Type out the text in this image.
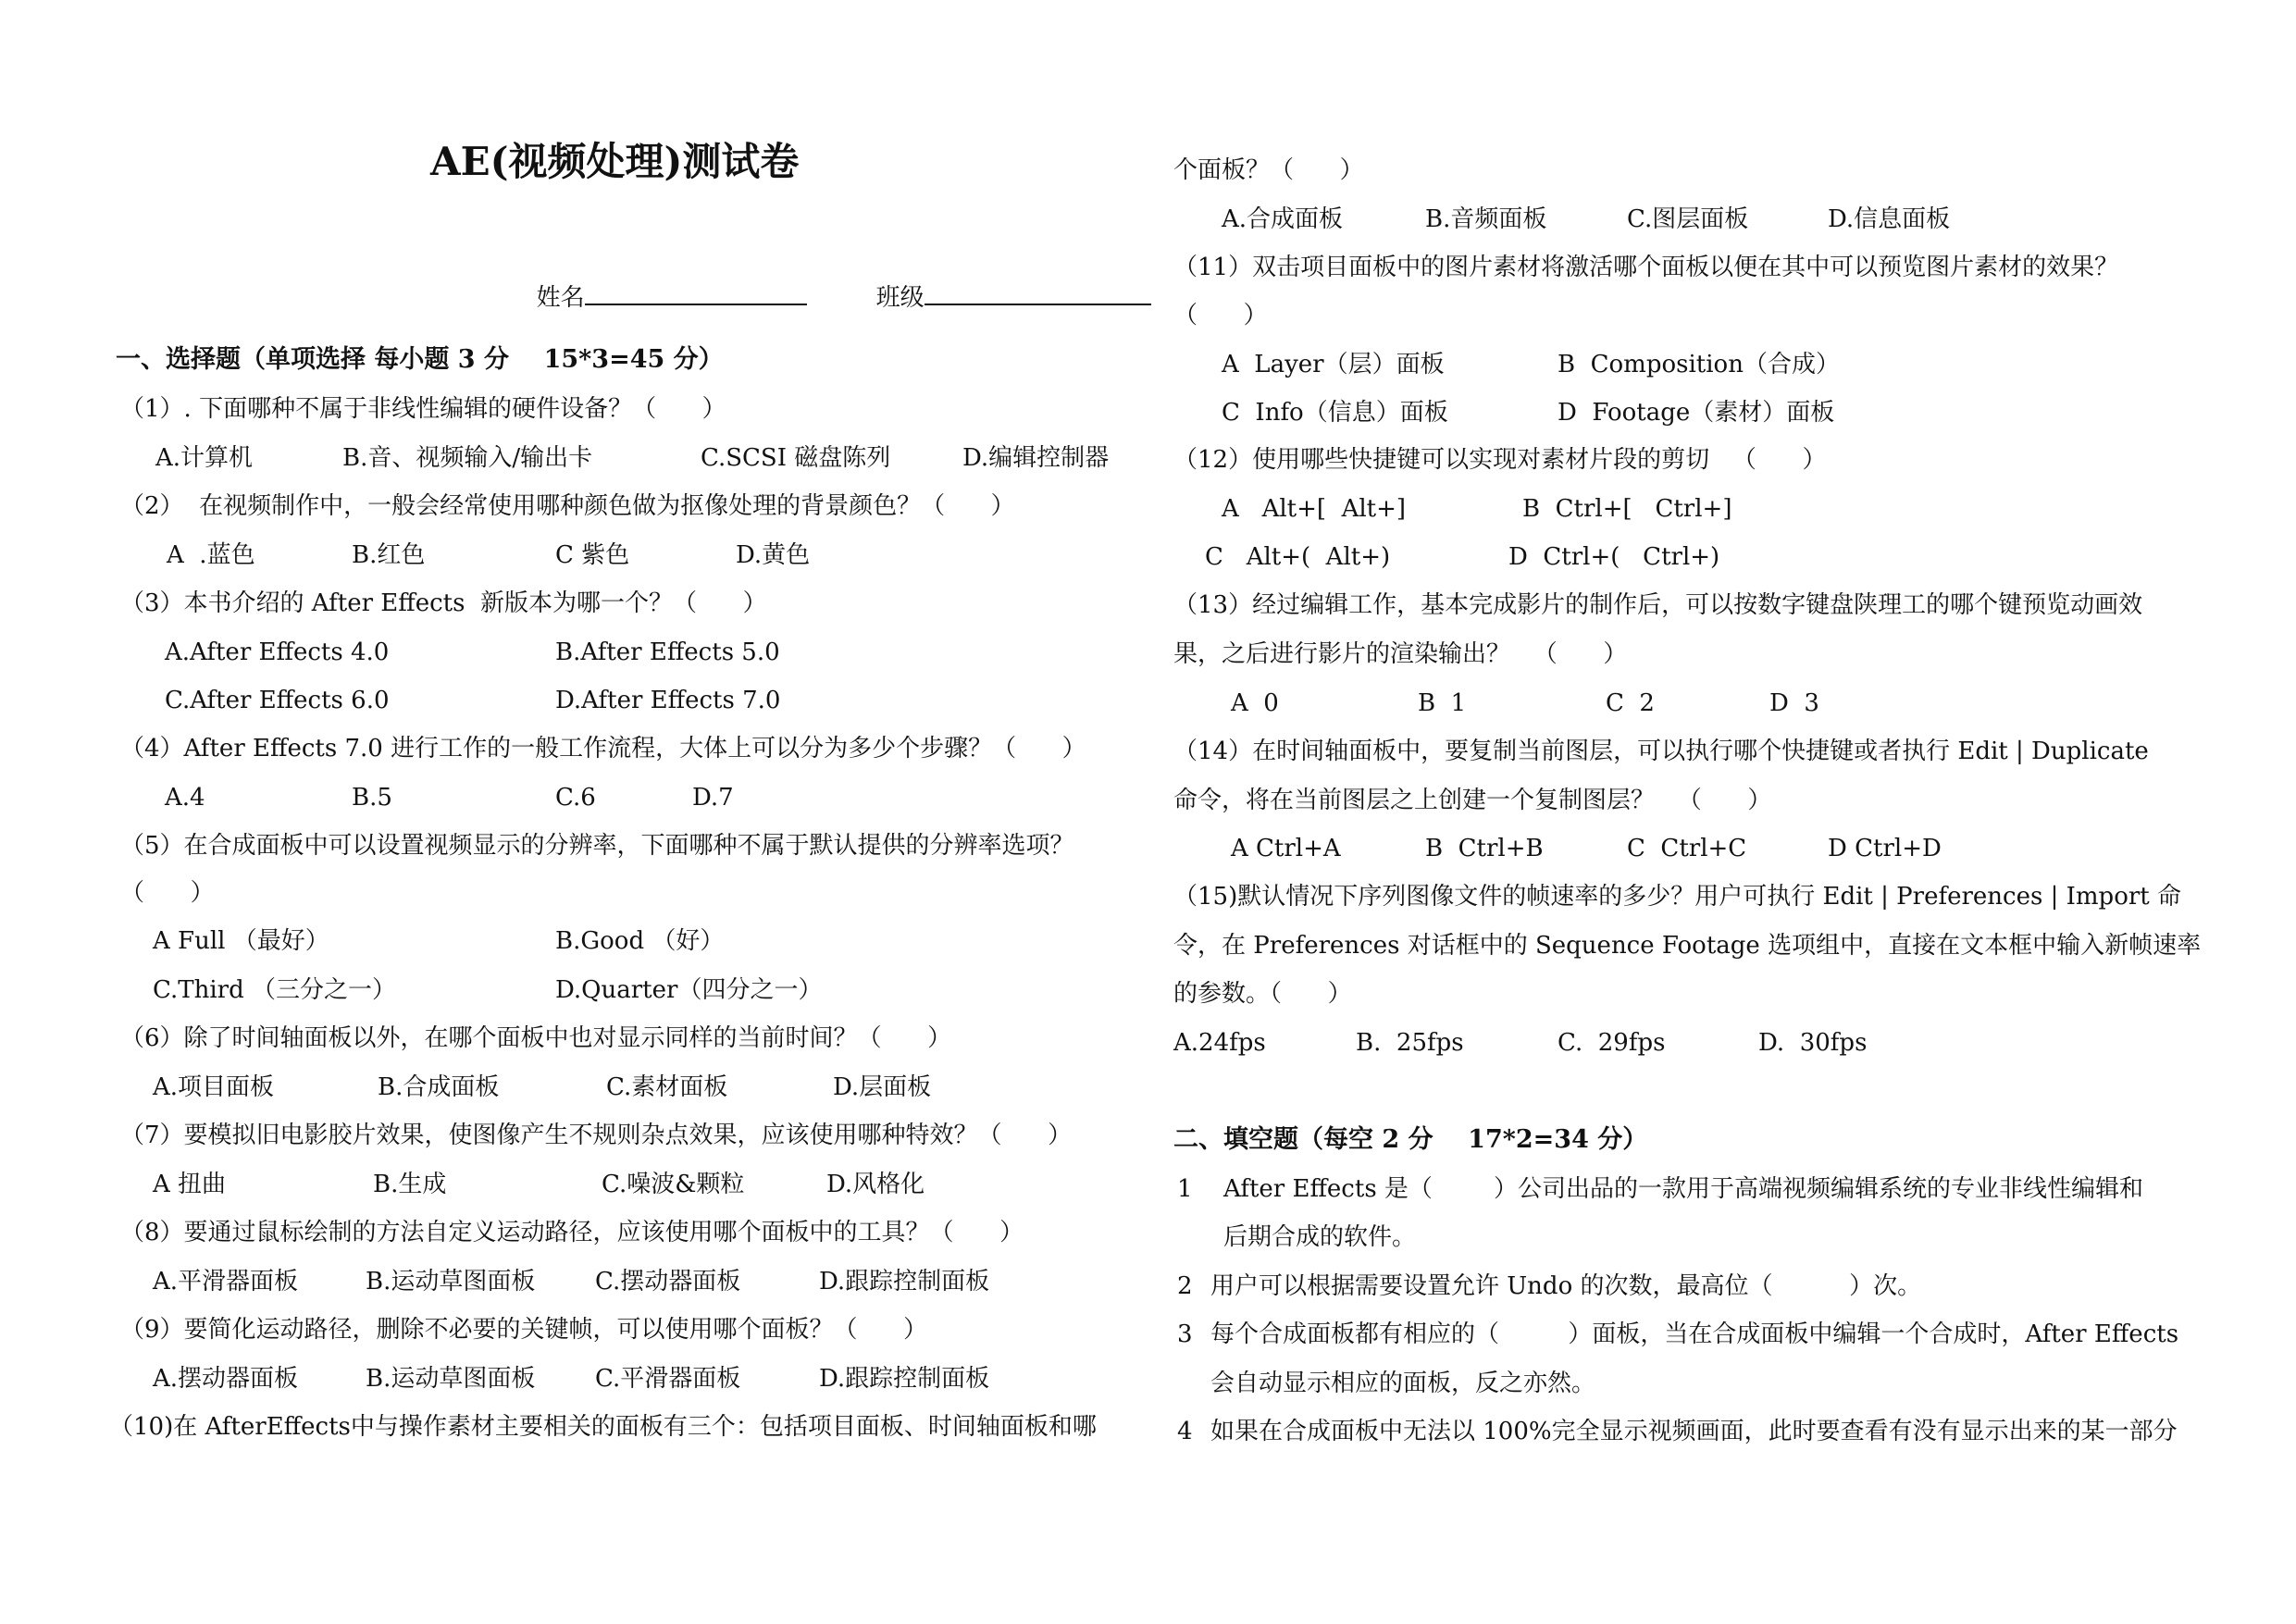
AE(视频处理)测试卷

姓名
	班级

一、选择题（单项选择 每小题 3 分    15*3=45 分）
（1）. 下面哪种不属于非线性编辑的硬件设备？（      ）
A.计算机	B.音、视频输入/输出卡	C.SCSI 磁盘陈列	D.编辑控制器
（2）  在视频制作中，一般会经常使用哪种颜色做为抠像处理的背景颜色？（      ）
A  .蓝色	B.红色	C 紫色	D.黄色
（3）本书介绍的 After Effects  新版本为哪一个？（      ）
A.After Effects 4.0	B.After Effects 5.0
C.After Effects 6.0	D.After Effects 7.0
（4）After Effects 7.0 进行工作的一般工作流程，大体上可以分为多少个步骤？（      ）
A.4	B.5	C.6	D.7
（5）在合成面板中可以设置视频显示的分辨率，下面哪种不属于默认提供的分辨率选项？
（      ）
A Full （最好）	B.Good （好）
C.Third （三分之一）	D.Quarter（四分之一）
（6）除了时间轴面板以外，在哪个面板中也对显示同样的当前时间？（      ）
A.项目面板	B.合成面板	C.素材面板	D.层面板
（7）要模拟旧电影胶片效果，使图像产生不规则杂点效果，应该使用哪种特效？（      ）
A 扭曲	B.生成	C.噪波&颗粒	D.风格化
（8）要通过鼠标绘制的方法自定义运动路径，应该使用哪个面板中的工具？（      ）
A.平滑器面板	B.运动草图面板 C.摆动器面板	D.跟踪控制面板
（9）要简化运动路径，删除不必要的关键帧，可以使用哪个面板？（      ）
A.摆动器面板	B.运动草图面板 C.平滑器面板	D.跟踪控制面板
（10)在 AfterEffects中与操作素材主要相关的面板有三个：包括项目面板、时间轴面板和哪
个面板？（      ）
A.合成面板	B.音频面板	C.图层面板	D.信息面板
（11）双击项目面板中的图片素材将激活哪个面板以便在其中可以预览图片素材的效果？
（      ）
A  Layer（层）面板	B  Composition（合成）
C  Info（信息）面板	D  Footage（素材）面板
（12）使用哪些快捷键可以实现对素材片段的剪切   （      ）
A   Alt+[  Alt+]	B  Ctrl+[   Ctrl+]
C   Alt+(  Alt+)	D  Ctrl+(   Ctrl+)
（13）经过编辑工作，基本完成影片的制作后，可以按数字键盘陕理工的哪个键预览动画效
果，之后进行影片的渲染输出？   （      ）
A  0	B  1	C  2	D  3
（14）在时间轴面板中，要复制当前图层，可以执行哪个快捷键或者执行 Edit | Duplicate
命令，将在当前图层之上创建一个复制图层？   （      ）
A Ctrl+A	B  Ctrl+B	C  Ctrl+C	D Ctrl+D
（15)默认情况下序列图像文件的帧速率的多少？用户可执行 Edit | Preferences | Import 命
令，在 Preferences 对话框中的 Sequence Footage 选项组中，直接在文本框中输入新帧速率
的参数。（      ）
A.24fps	B.  25fps	C.  29fps	D.  30fps
二、填空题（每空 2 分    17*2=34 分）
1 After Effects 是（        ）公司出品的一款用于高端视频编辑系统的专业非线性编辑和
后期合成的软件。
2 用户可以根据需要设置允许 Undo 的次数，最高位（          ）次。
3 每个合成面板都有相应的（         ）面板，当在合成面板中编辑一个合成时，After Effects
会自动显示相应的面板，反之亦然。
4 如果在合成面板中无法以 100%完全显示视频画面，此时要查看有没有显示出来的某一部分
